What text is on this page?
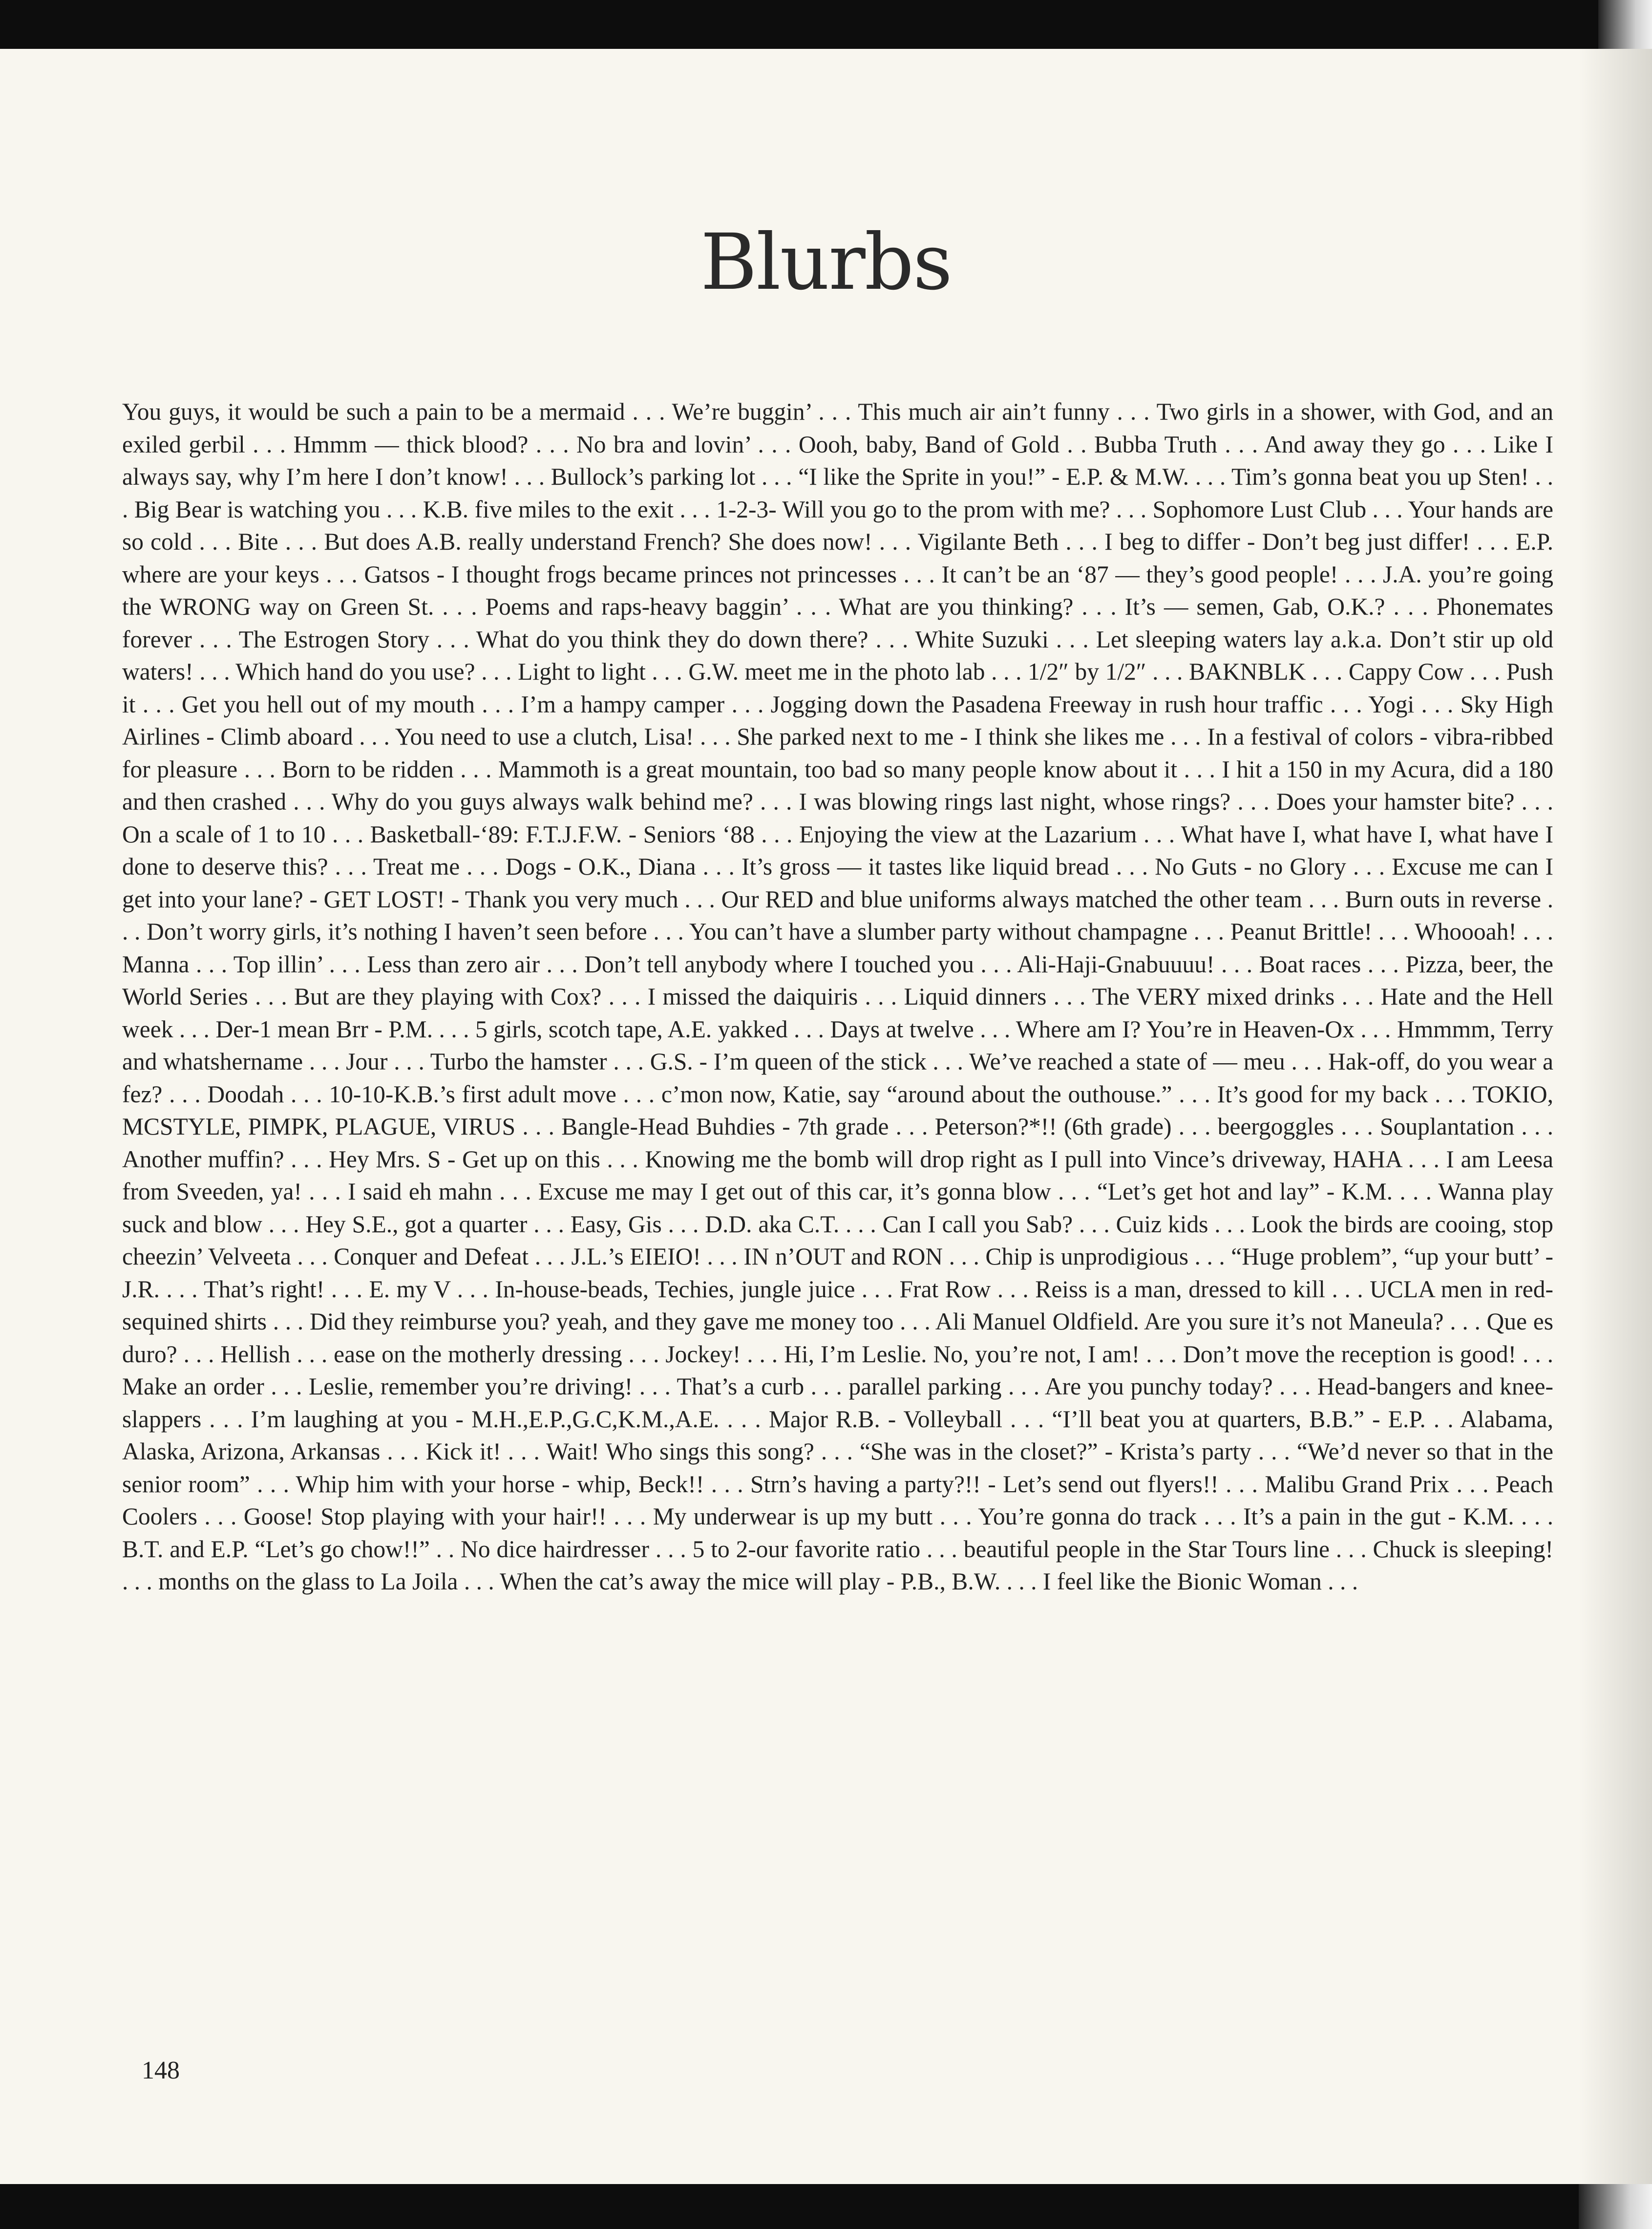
Blurbs

You guys, it would be such a pain to be a mermaid . . . We’re buggin’ . . . This much air ain’t funny . . . Two girls in a shower, with God, and an exiled gerbil . . . Hmmm — thick blood? . . . No bra and lovin’ . . . Oooh, baby, Band of Gold . . Bubba Truth . . . And away they go . . . Like I always say, why I’m here I don’t know! . . . Bullock’s parking lot . . . “I like the Sprite in you!” - E.P. & M.W. . . . Tim’s gonna beat you up Sten! . . . Big Bear is watching you . . . K.B. five miles to the exit . . . 1-2-3- Will you go to the prom with me? . . . Sophomore Lust Club . . . Your hands are so cold . . . Bite . . . But does A.B. really understand French? She does now! . . . Vigilante Beth . . . I beg to differ - Don’t beg just differ! . . . E.P. where are your keys . . . Gatsos - I thought frogs became princes not princesses . . . It can’t be an ‘87 — they’s good people! . . . J.A. you’re going the WRONG way on Green St. . . . Poems and raps-heavy baggin’ . . . What are you thinking? . . . It’s — semen, Gab, O.K.? . . . Phonemates forever . . . The Estrogen Story . . . What do you think they do down there? . . . White Suzuki . . . Let sleeping waters lay a.k.a. Don’t stir up old waters! . . . Which hand do you use? . . . Light to light . . . G.W. meet me in the photo lab . . . 1/2″ by 1/2″ . . . BAKNBLK . . . Cappy Cow . . . Push it . . . Get you hell out of my mouth . . . I’m a hampy camper . . . Jogging down the Pasadena Freeway in rush hour traffic . . . Yogi . . . Sky High Airlines - Climb aboard . . . You need to use a clutch, Lisa! . . . She parked next to me - I think she likes me . . . In a festival of colors - vibra-ribbed for pleasure . . . Born to be ridden . . . Mammoth is a great mountain, too bad so many people know about it . . . I hit a 150 in my Acura, did a 180 and then crashed . . . Why do you guys always walk behind me? . . . I was blowing rings last night, whose rings? . . . Does your hamster bite? . . . On a scale of 1 to 10 . . . Basketball-‘89: F.T.J.F.W. - Seniors ‘88 . . . Enjoying the view at the Lazarium . . . What have I, what have I, what have I done to deserve this? . . . Treat me . . . Dogs - O.K., Diana . . . It’s gross — it tastes like liquid bread . . . No Guts - no Glory . . . Excuse me can I get into your lane? - GET LOST! - Thank you very much . . . Our RED and blue uniforms always matched the other team . . . Burn outs in reverse . . . Don’t worry girls, it’s nothing I haven’t seen before . . . You can’t have a slumber party without champagne . . . Peanut Brittle! . . . Whoooah! . . . Manna . . . Top illin’ . . . Less than zero air . . . Don’t tell anybody where I touched you . . . Ali-Haji-Gnabuuuu! . . . Boat races . . . Pizza, beer, the World Series . . . But are they playing with Cox? . . . I missed the daiquiris . . . Liquid dinners . . . The VERY mixed drinks . . . Hate and the Hell week . . . Der-1 mean Brr - P.M. . . . 5 girls, scotch tape, A.E. yakked . . . Days at twelve . . . Where am I? You’re in Heaven-Ox . . . Hmmmm, Terry and whatshername . . . Jour . . . Turbo the hamster . . . G.S. - I’m queen of the stick . . . We’ve reached a state of — meu . . . Hak-off, do you wear a fez? . . . Doodah . . . 10-10-K.B.’s first adult move . . . c’mon now, Katie, say “around about the outhouse.” . . . It’s good for my back . . . TOKIO, MCSTYLE, PIMPK, PLAGUE, VIRUS . . . Bangle-Head Buhdies - 7th grade . . . Peterson?*!! (6th grade) . . . beergoggles . . . Souplantation . . . Another muffin? . . . Hey Mrs. S - Get up on this . . . Knowing me the bomb will drop right as I pull into Vince’s driveway, HAHA . . . I am Leesa from Sveeden, ya! . . . I said eh mahn . . . Excuse me may I get out of this car, it’s gonna blow . . . “Let’s get hot and lay” - K.M. . . . Wanna play suck and blow . . . Hey S.E., got a quarter . . . Easy, Gis . . . D.D. aka C.T. . . . Can I call you Sab? . . . Cuiz kids . . . Look the birds are cooing, stop cheezin’ Velveeta . . . Conquer and Defeat . . . J.L.’s EIEIO! . . . IN n’OUT and RON . . . Chip is unprodigious . . . “Huge problem”, “up your butt’ - J.R. . . . That’s right! . . . E. my V . . . In-house-beads, Techies, jungle juice . . . Frat Row . . . Reiss is a man, dressed to kill . . . UCLA men in red-sequined shirts . . . Did they reimburse you? yeah, and they gave me money too . . . Ali Manuel Oldfield. Are you sure it’s not Maneula? . . . Que es duro? . . . Hellish . . . ease on the motherly dressing . . . Jockey! . . . Hi, I’m Leslie. No, you’re not, I am! . . . Don’t move the reception is good! . . . Make an order . . . Leslie, remember you’re driving! . . . That’s a curb . . . parallel parking . . . Are you punchy today? . . . Head-bangers and knee-slappers . . . I’m laughing at you - M.H.,E.P.,G.C,K.M.,A.E. . . . Major R.B. - Volleyball . . . “I’ll beat you at quarters, B.B.” - E.P. . . Alabama, Alaska, Arizona, Arkansas . . . Kick it! . . . Wait! Who sings this song? . . . “She was in the closet?” - Krista’s party . . . “We’d never so that in the senior room” . . . Whip him with your horse - whip, Beck!! . . . Strn’s having a party?!! - Let’s send out flyers!! . . . Malibu Grand Prix . . . Peach Coolers . . . Goose! Stop playing with your hair!! . . . My underwear is up my butt . . . You’re gonna do track . . . It’s a pain in the gut - K.M. . . . B.T. and E.P. “Let’s go chow!!” . . No dice hairdresser . . . 5 to 2-our favorite ratio . . . beautiful people in the Star Tours line . . . Chuck is sleeping! . . . months on the glass to La Joila . . . When the cat’s away the mice will play - P.B., B.W. . . . I feel like the Bionic Woman . . .

148
